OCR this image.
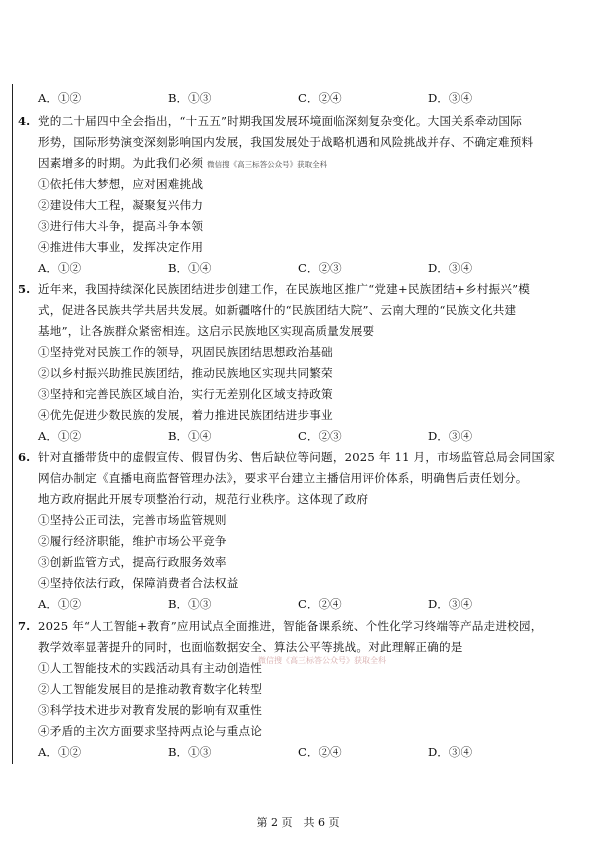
A．①②	B．①③	C．②④	D．③④
4. 党的二十届四中全会指出，“十五五”时期我国发展环境面临深刻复杂变化。大国关系牵动国际
形势，国际形势演变深刻影响国内发展，我国发展处于战略机遇和风险挑战并存、不确定难预料
因素增多的时期。为此我们必须 微信搜《高三标答公众号》获取全科
①依托伟大梦想，应对困难挑战
②建设伟大工程，凝聚复兴伟力
③进行伟大斗争，提高斗争本领
④推进伟大事业，发挥决定作用
A．①②	B．①④	C．②③	D．③④
5. 近年来，我国持续深化民族团结进步创建工作，在民族地区推广“党建+民族团结+乡村振兴”模
式，促进各民族共学共居共发展。如新疆喀什的“民族团结大院”、云南大理的“民族文化共建
基地”，让各族群众紧密相连。这启示民族地区实现高质量发展要
①坚持党对民族工作的领导，巩固民族团结思想政治基础
②以乡村振兴助推民族团结，推动民族地区实现共同繁荣
③坚持和完善民族区域自治，实行无差别化区域支持政策
④优先促进少数民族的发展，着力推进民族团结进步事业
A．①②	B．①④	C．②③	D．③④
6. 针对直播带货中的虚假宣传、假冒伪劣、售后缺位等问题，2025 年 11 月，市场监管总局会同国家
网信办制定《直播电商监督管理办法》，要求平台建立主播信用评价体系，明确售后责任划分。
地方政府据此开展专项整治行动，规范行业秩序。这体现了政府
①坚持公正司法，完善市场监管规则
②履行经济职能，维护市场公平竞争
③创新监管方式，提高行政服务效率
④坚持依法行政，保障消费者合法权益
A．①②	B．①③	C．②④	D．③④
7. 2025 年“人工智能+教育”应用试点全面推进，智能备课系统、个性化学习终端等产品走进校园，
教学效率显著提升的同时，也面临数据安全、算法公平等挑战。对此理解正确的是
微信搜《高三标答公众号》获取全科
①人工智能技术的实践活动具有主动创造性
②人工智能发展目的是推动教育数字化转型
③科学技术进步对教育发展的影响有双重性
④矛盾的主次方面要求坚持两点论与重点论
A．①②	B．①③	C．②④	D．③④
第 2 页　共 6 页
